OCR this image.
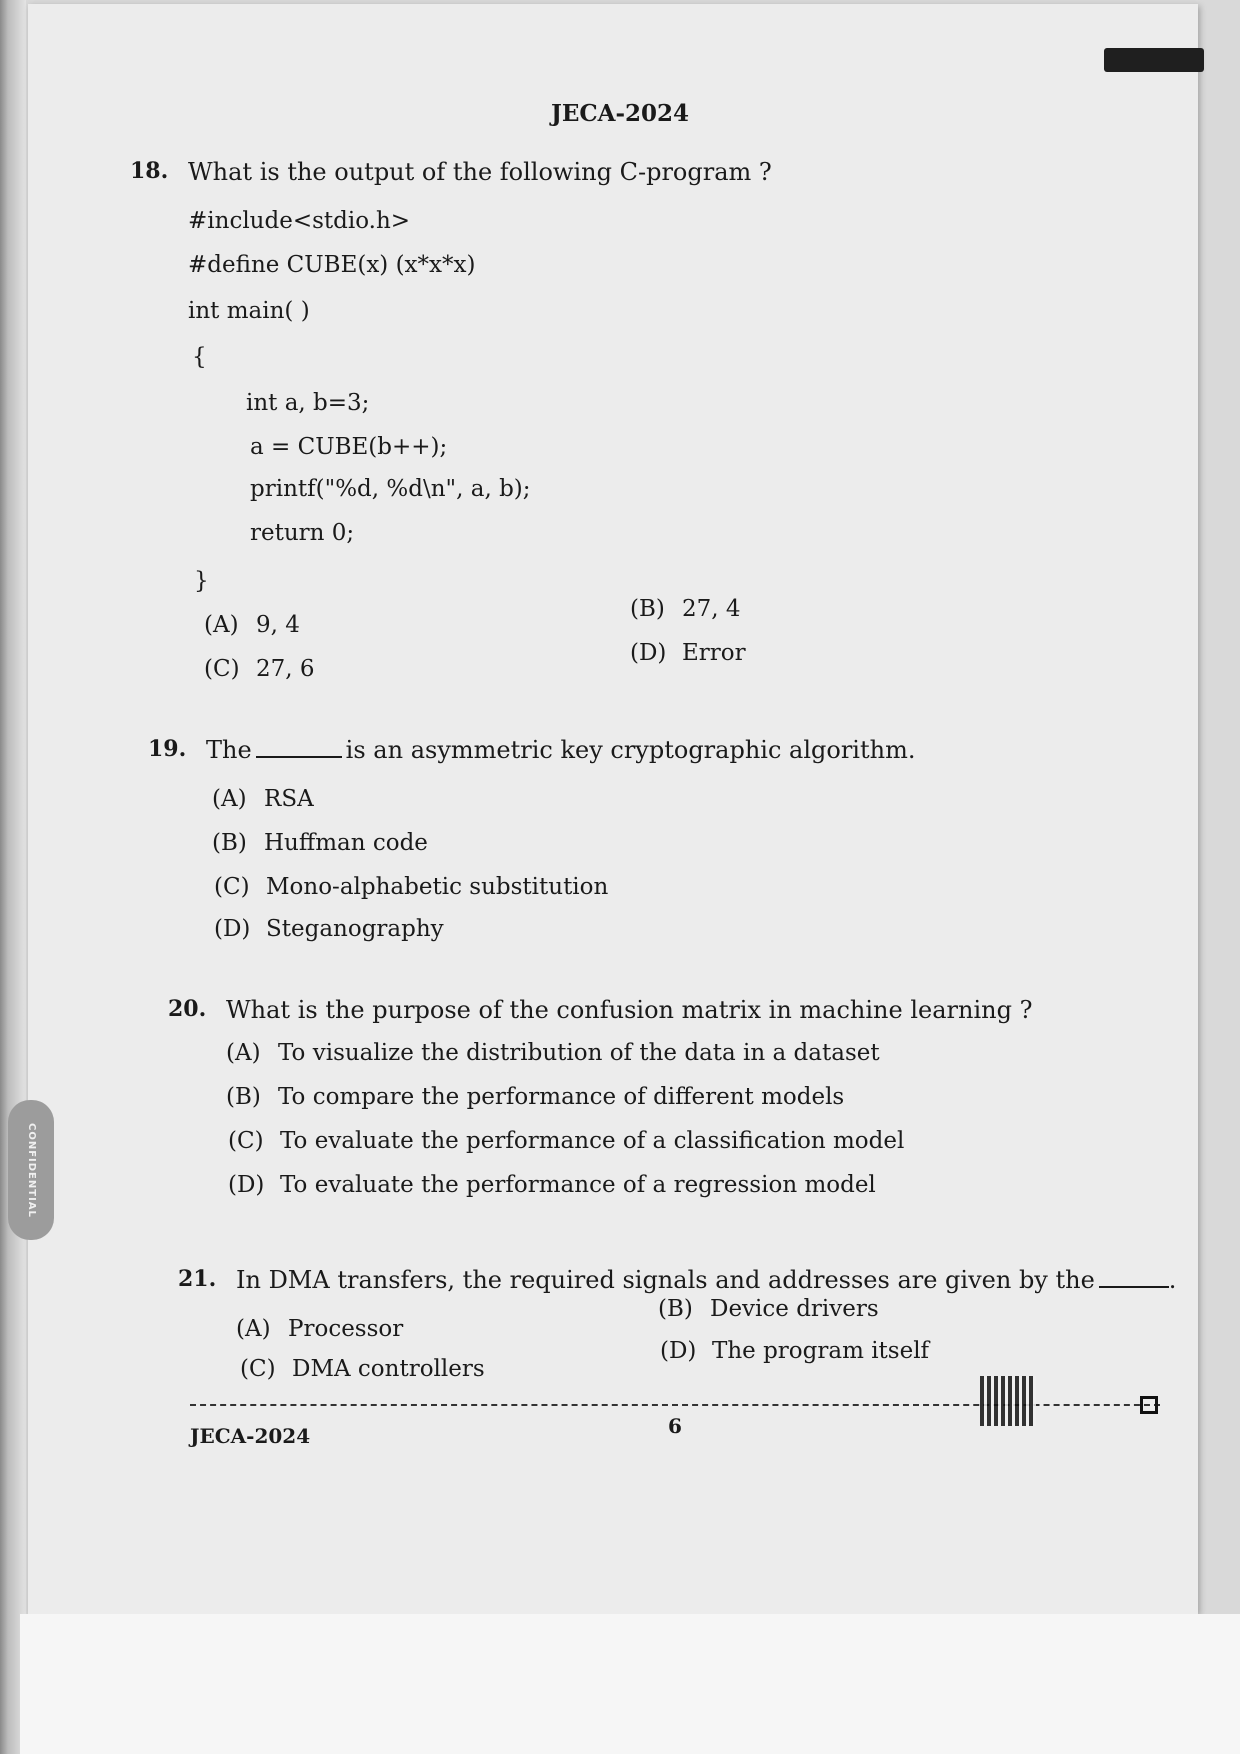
CONFIDENTIAL
JECA-2024
18. What is the output of the following C-program ?
#include<stdio.h>
#define CUBE(x) (x*x*x)
int main( )
{
int a, b=3;
a = CUBE(b++);
printf("%d, %d\n", a, b);
return 0;
}
(A) 9, 4
(B) 27, 4
(C) 27, 6
(D) Error
19. The	is an asymmetric key cryptographic algorithm.
(A) RSA
(B) Huffman code
(C) Mono-alphabetic substitution
(D) Steganography
20. What is the purpose of the confusion matrix in machine learning ?
(A) To visualize the distribution of the data in a dataset
(B) To compare the performance of different models
(C) To evaluate the performance of a classification model
(D) To evaluate the performance of a regression model
21. In DMA transfers, the required signals and addresses are given by the	.
(A) Processor
(B) Device drivers
(C) DMA controllers
(D) The program itself
JECA-2024	6
